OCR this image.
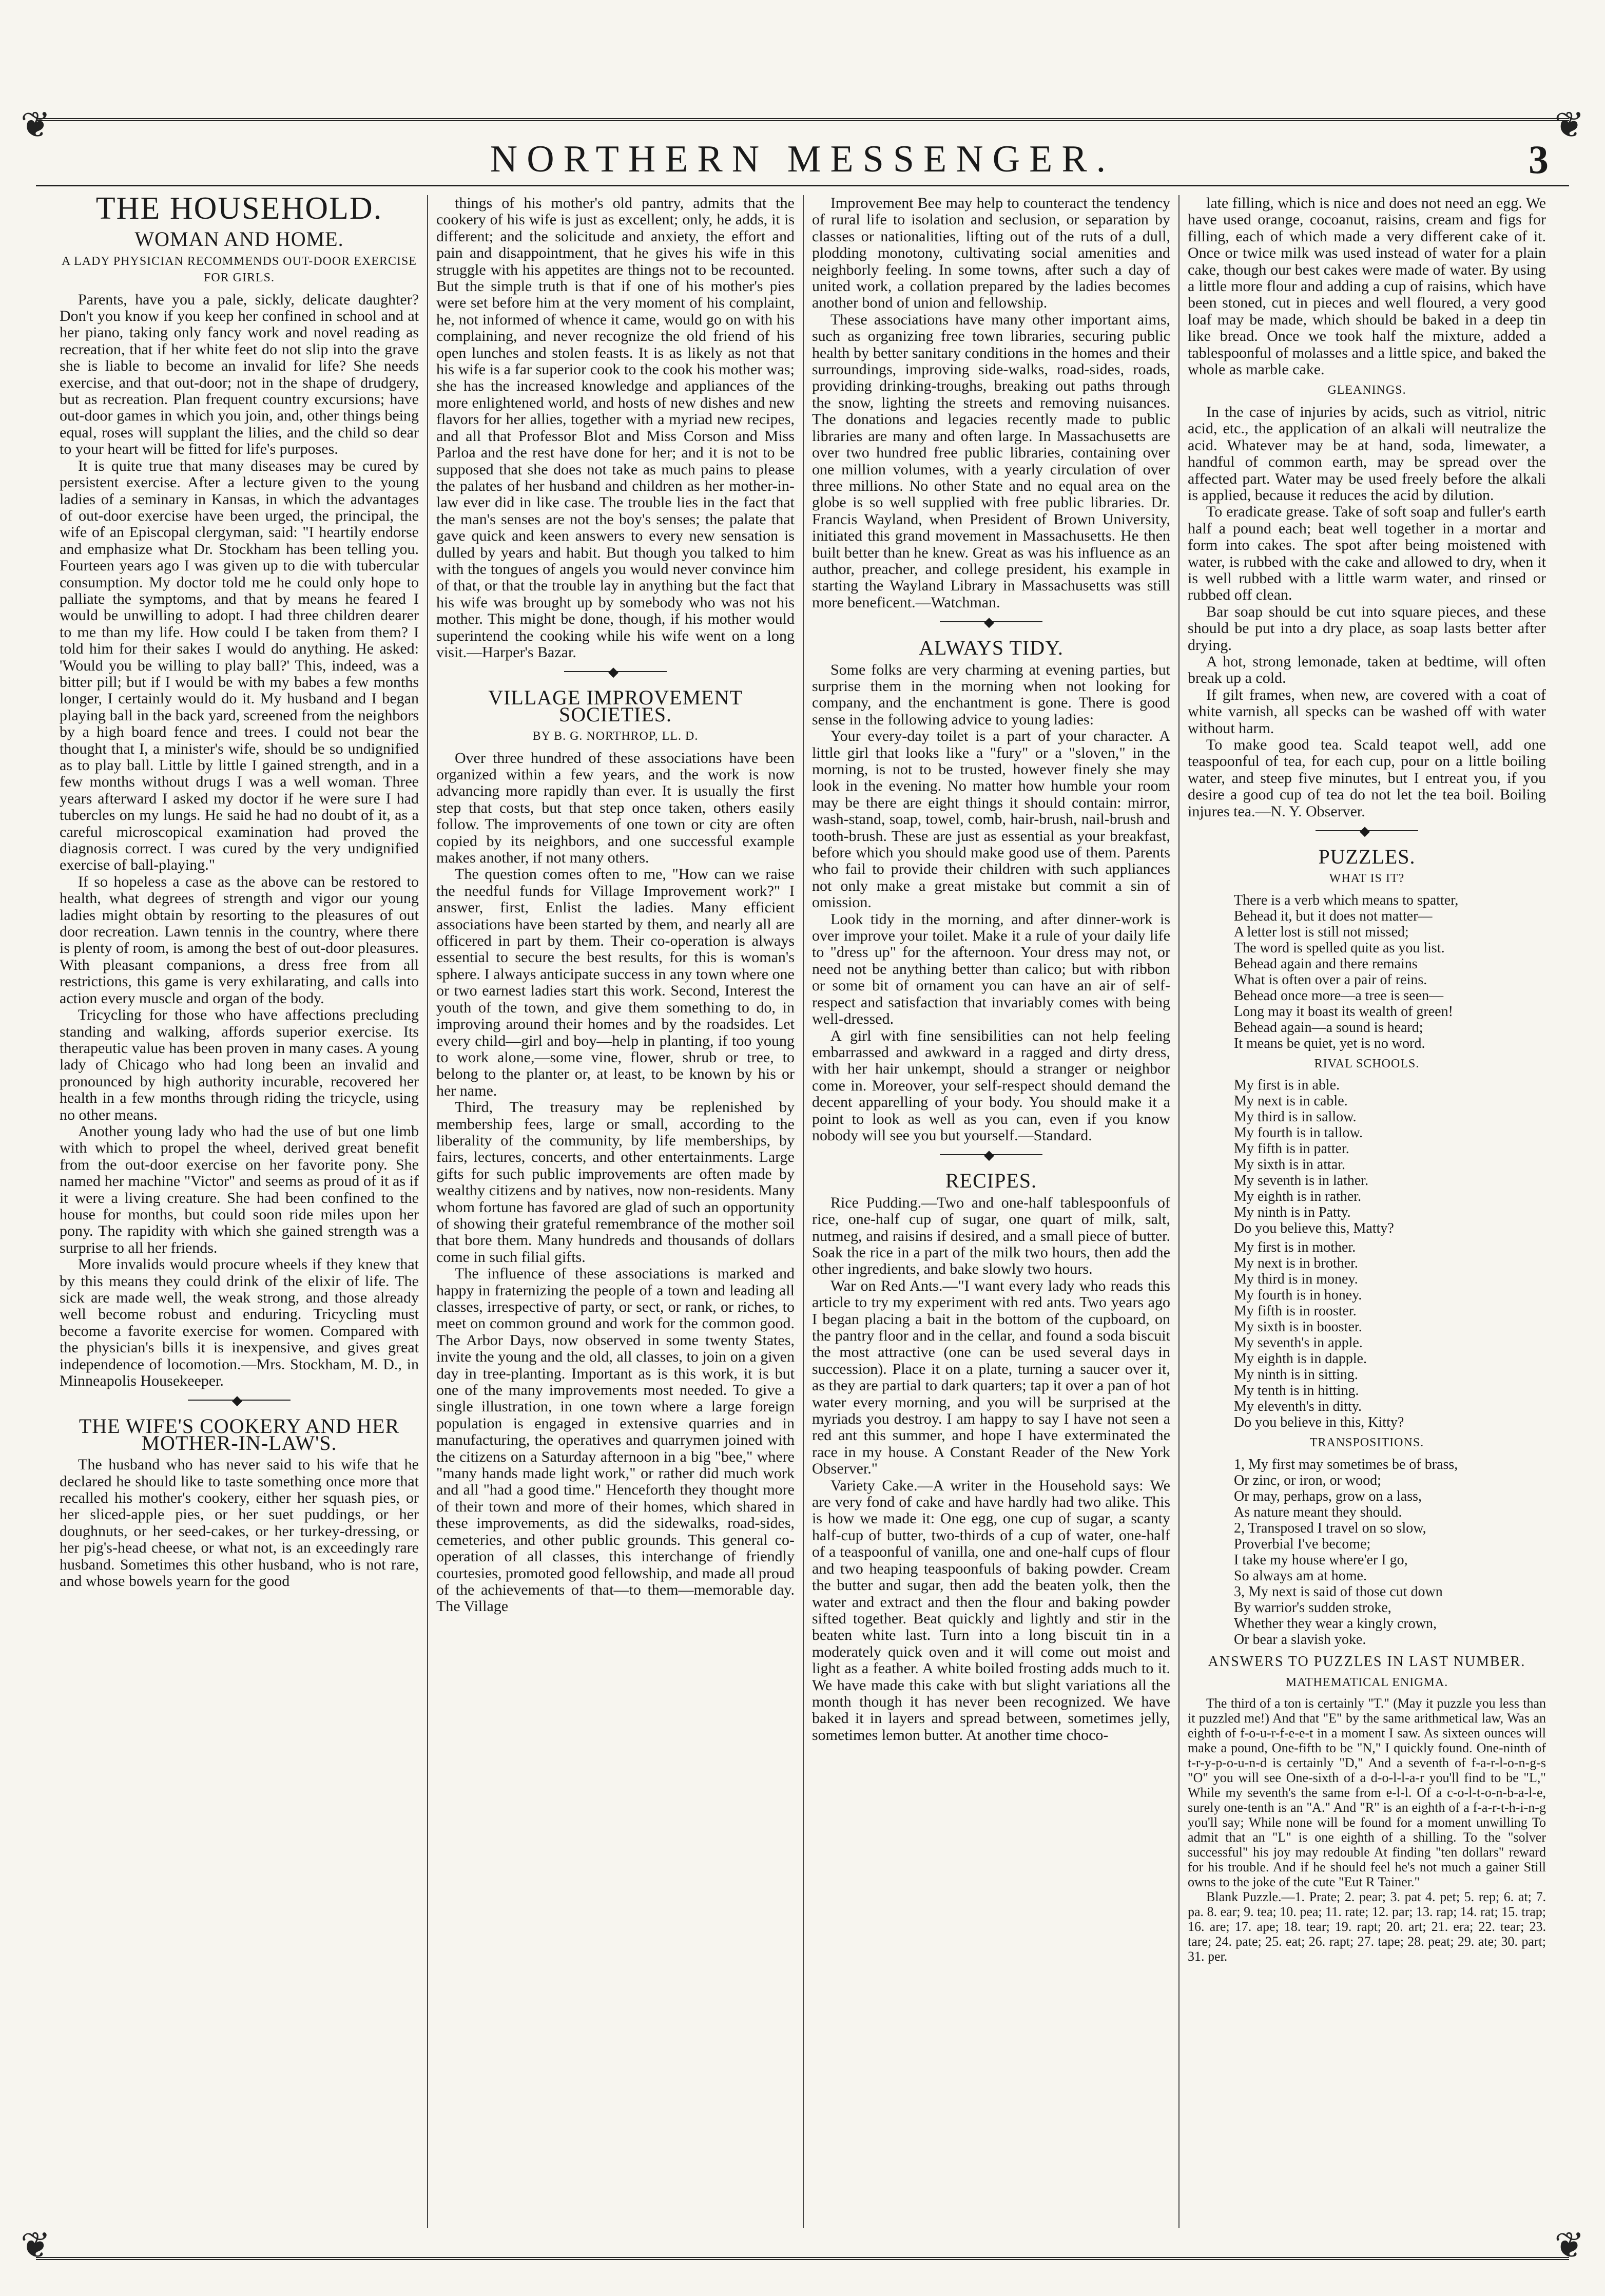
❦	❦
❦	❦
NORTHERN MESSENGER.	3
THE HOUSEHOLD.
WOMAN AND HOME.
A LADY PHYSICIAN RECOMMENDS OUT-DOOR EXERCISE FOR GIRLS.

Parents, have you a pale, sickly, delicate daughter? Don't you know if you keep her confined in school and at her piano, taking only fancy work and novel reading as recreation, that if her white feet do not slip into the grave she is liable to become an invalid for life? She needs exercise, and that out-door; not in the shape of drudgery, but as recreation. Plan frequent country excursions; have out-door games in which you join, and, other things being equal, roses will supplant the lilies, and the child so dear to your heart will be fitted for life's purposes.

It is quite true that many diseases may be cured by persistent exercise. After a lecture given to the young ladies of a seminary in Kansas, in which the advantages of out-door exercise have been urged, the principal, the wife of an Episcopal clergyman, said: "I heartily endorse and emphasize what Dr. Stockham has been telling you. Fourteen years ago I was given up to die with tubercular consumption. My doctor told me he could only hope to palliate the symptoms, and that by means he feared I would be unwilling to adopt. I had three children dearer to me than my life. How could I be taken from them? I told him for their sakes I would do anything. He asked: 'Would you be willing to play ball?' This, indeed, was a bitter pill; but if I would be with my babes a few months longer, I certainly would do it. My husband and I began playing ball in the back yard, screened from the neighbors by a high board fence and trees. I could not bear the thought that I, a minister's wife, should be so undignified as to play ball. Little by little I gained strength, and in a few months without drugs I was a well woman. Three years afterward I asked my doctor if he were sure I had tubercles on my lungs. He said he had no doubt of it, as a careful microscopical examination had proved the diagnosis correct. I was cured by the very undignified exercise of ball-playing."

If so hopeless a case as the above can be restored to health, what degrees of strength and vigor our young ladies might obtain by resorting to the pleasures of out door recreation. Lawn tennis in the country, where there is plenty of room, is among the best of out-door pleasures. With pleasant companions, a dress free from all restrictions, this game is very exhilarating, and calls into action every muscle and organ of the body.

Tricycling for those who have affections precluding standing and walking, affords superior exercise. Its therapeutic value has been proven in many cases. A young lady of Chicago who had long been an invalid and pronounced by high authority incurable, recovered her health in a few months through riding the tricycle, using no other means.

Another young lady who had the use of but one limb with which to propel the wheel, derived great benefit from the out-door exercise on her favorite pony. She named her machine "Victor" and seems as proud of it as if it were a living creature. She had been confined to the house for months, but could soon ride miles upon her pony. The rapidity with which she gained strength was a surprise to all her friends.

More invalids would procure wheels if they knew that by this means they could drink of the elixir of life. The sick are made well, the weak strong, and those already well become robust and enduring. Tricycling must become a favorite exercise for women. Compared with the physician's bills it is inexpensive, and gives great independence of locomotion.—Mrs. Stockham, M. D., in Minneapolis Housekeeper.

◆
THE WIFE'S COOKERY AND HER MOTHER-IN-LAW'S.

The husband who has never said to his wife that he declared he should like to taste something once more that recalled his mother's cookery, either her squash pies, or her sliced-apple pies, or her suet puddings, or her doughnuts, or her seed-cakes, or her turkey-dressing, or her pig's-head cheese, or what not, is an exceedingly rare husband. Sometimes this other husband, who is not rare, and whose bowels yearn for the good

things of his mother's old pantry, admits that the cookery of his wife is just as excellent; only, he adds, it is different; and the solicitude and anxiety, the effort and pain and disappointment, that he gives his wife in this struggle with his appetites are things not to be recounted. But the simple truth is that if one of his mother's pies were set before him at the very moment of his complaint, he, not informed of whence it came, would go on with his complaining, and never recognize the old friend of his open lunches and stolen feasts. It is as likely as not that his wife is a far superior cook to the cook his mother was; she has the increased knowledge and appliances of the more enlightened world, and hosts of new dishes and new flavors for her allies, together with a myriad new recipes, and all that Professor Blot and Miss Corson and Miss Parloa and the rest have done for her; and it is not to be supposed that she does not take as much pains to please the palates of her husband and children as her mother-in-law ever did in like case. The trouble lies in the fact that the man's senses are not the boy's senses; the palate that gave quick and keen answers to every new sensation is dulled by years and habit. But though you talked to him with the tongues of angels you would never convince him of that, or that the trouble lay in anything but the fact that his wife was brought up by somebody who was not his mother. This might be done, though, if his mother would superintend the cooking while his wife went on a long visit.—Harper's Bazar.

◆
VILLAGE IMPROVEMENT SOCIETIES.
BY B. G. NORTHROP, LL. D.

Over three hundred of these associations have been organized within a few years, and the work is now advancing more rapidly than ever. It is usually the first step that costs, but that step once taken, others easily follow. The improvements of one town or city are often copied by its neighbors, and one successful example makes another, if not many others.

The question comes often to me, "How can we raise the needful funds for Village Improvement work?" I answer, first, Enlist the ladies. Many efficient associations have been started by them, and nearly all are officered in part by them. Their co-operation is always essential to secure the best results, for this is woman's sphere. I always anticipate success in any town where one or two earnest ladies start this work. Second, Interest the youth of the town, and give them something to do, in improving around their homes and by the roadsides. Let every child—girl and boy—help in planting, if too young to work alone,—some vine, flower, shrub or tree, to belong to the planter or, at least, to be known by his or her name.

Third, The treasury may be replenished by membership fees, large or small, according to the liberality of the community, by life memberships, by fairs, lectures, concerts, and other entertainments. Large gifts for such public improvements are often made by wealthy citizens and by natives, now non-residents. Many whom fortune has favored are glad of such an opportunity of showing their grateful remembrance of the mother soil that bore them. Many hundreds and thousands of dollars come in such filial gifts.

The influence of these associations is marked and happy in fraternizing the people of a town and leading all classes, irrespective of party, or sect, or rank, or riches, to meet on common ground and work for the common good. The Arbor Days, now observed in some twenty States, invite the young and the old, all classes, to join on a given day in tree-planting. Important as is this work, it is but one of the many improvements most needed. To give a single illustration, in one town where a large foreign population is engaged in extensive quarries and in manufacturing, the operatives and quarrymen joined with the citizens on a Saturday afternoon in a big "bee," where "many hands made light work," or rather did much work and all "had a good time." Henceforth they thought more of their town and more of their homes, which shared in these improvements, as did the sidewalks, road-sides, cemeteries, and other public grounds. This general co-operation of all classes, this interchange of friendly courtesies, promoted good fellowship, and made all proud of the achievements of that—to them—memorable day. The Village

Improvement Bee may help to counteract the tendency of rural life to isolation and seclusion, or separation by classes or nationalities, lifting out of the ruts of a dull, plodding monotony, cultivating social amenities and neighborly feeling. In some towns, after such a day of united work, a collation prepared by the ladies becomes another bond of union and fellowship.

These associations have many other important aims, such as organizing free town libraries, securing public health by better sanitary conditions in the homes and their surroundings, improving side-walks, road-sides, roads, providing drinking-troughs, breaking out paths through the snow, lighting the streets and removing nuisances. The donations and legacies recently made to public libraries are many and often large. In Massachusetts are over two hundred free public libraries, containing over one million volumes, with a yearly circulation of over three millions. No other State and no equal area on the globe is so well supplied with free public libraries. Dr. Francis Wayland, when President of Brown University, initiated this grand movement in Massachusetts. He then built better than he knew. Great as was his influence as an author, preacher, and college president, his example in starting the Wayland Library in Massachusetts was still more beneficent.—Watchman.

◆
ALWAYS TIDY.

Some folks are very charming at evening parties, but surprise them in the morning when not looking for company, and the enchantment is gone. There is good sense in the following advice to young ladies:

Your every-day toilet is a part of your character. A little girl that looks like a "fury" or a "sloven," in the morning, is not to be trusted, however finely she may look in the evening. No matter how humble your room may be there are eight things it should contain: mirror, wash-stand, soap, towel, comb, hair-brush, nail-brush and tooth-brush. These are just as essential as your breakfast, before which you should make good use of them. Parents who fail to provide their children with such appliances not only make a great mistake but commit a sin of omission.

Look tidy in the morning, and after dinner-work is over improve your toilet. Make it a rule of your daily life to "dress up" for the afternoon. Your dress may not, or need not be anything better than calico; but with ribbon or some bit of ornament you can have an air of self-respect and satisfaction that invariably comes with being well-dressed.

A girl with fine sensibilities can not help feeling embarrassed and awkward in a ragged and dirty dress, with her hair unkempt, should a stranger or neighbor come in. Moreover, your self-respect should demand the decent apparelling of your body. You should make it a point to look as well as you can, even if you know nobody will see you but yourself.—Standard.

◆
RECIPES.

Rice Pudding.—Two and one-half tablespoonfuls of rice, one-half cup of sugar, one quart of milk, salt, nutmeg, and raisins if desired, and a small piece of butter. Soak the rice in a part of the milk two hours, then add the other ingredients, and bake slowly two hours.

War on Red Ants.—"I want every lady who reads this article to try my experiment with red ants. Two years ago I began placing a bait in the bottom of the cupboard, on the pantry floor and in the cellar, and found a soda biscuit the most attractive (one can be used several days in succession). Place it on a plate, turning a saucer over it, as they are partial to dark quarters; tap it over a pan of hot water every morning, and you will be surprised at the myriads you destroy. I am happy to say I have not seen a red ant this summer, and hope I have exterminated the race in my house. A Constant Reader of the New York Observer."

Variety Cake.—A writer in the Household says: We are very fond of cake and have hardly had two alike. This is how we made it: One egg, one cup of sugar, a scanty half-cup of butter, two-thirds of a cup of water, one-half of a teaspoonful of vanilla, one and one-half cups of flour and two heaping teaspoonfuls of baking powder. Cream the butter and sugar, then add the beaten yolk, then the water and extract and then the flour and baking powder sifted together. Beat quickly and lightly and stir in the beaten white last. Turn into a long biscuit tin in a moderately quick oven and it will come out moist and light as a feather. A white boiled frosting adds much to it. We have made this cake with but slight variations all the month though it has never been recognized. We have baked it in layers and spread between, sometimes jelly, sometimes lemon butter. At another time choco-

late filling, which is nice and does not need an egg. We have used orange, cocoanut, raisins, cream and figs for filling, each of which made a very different cake of it. Once or twice milk was used instead of water for a plain cake, though our best cakes were made of water. By using a little more flour and adding a cup of raisins, which have been stoned, cut in pieces and well floured, a very good loaf may be made, which should be baked in a deep tin like bread. Once we took half the mixture, added a tablespoonful of molasses and a little spice, and baked the whole as marble cake.

GLEANINGS.

In the case of injuries by acids, such as vitriol, nitric acid, etc., the application of an alkali will neutralize the acid. Whatever may be at hand, soda, limewater, a handful of common earth, may be spread over the affected part. Water may be used freely before the alkali is applied, because it reduces the acid by dilution.

To eradicate grease. Take of soft soap and fuller's earth half a pound each; beat well together in a mortar and form into cakes. The spot after being moistened with water, is rubbed with the cake and allowed to dry, when it is well rubbed with a little warm water, and rinsed or rubbed off clean.

Bar soap should be cut into square pieces, and these should be put into a dry place, as soap lasts better after drying.

A hot, strong lemonade, taken at bedtime, will often break up a cold.

If gilt frames, when new, are covered with a coat of white varnish, all specks can be washed off with water without harm.

To make good tea. Scald teapot well, add one teaspoonful of tea, for each cup, pour on a little boiling water, and steep five minutes, but I entreat you, if you desire a good cup of tea do not let the tea boil. Boiling injures tea.—N. Y. Observer.

◆
PUZZLES.
WHAT IS IT?
There is a verb which means to spatter,
Behead it, but it does not matter—
A letter lost is still not missed;
The word is spelled quite as you list.
Behead again and there remains
What is often over a pair of reins.
Behead once more—a tree is seen—
Long may it boast its wealth of green!
Behead again—a sound is heard;
It means be quiet, yet is no word.
RIVAL SCHOOLS.
My first is in able.
My next is in cable.
My third is in sallow.
My fourth is in tallow.
My fifth is in patter.
My sixth is in attar.
My seventh is in lather.
My eighth is in rather.
My ninth is in Patty.
Do you believe this, Matty?
My first is in mother.
My next is in brother.
My third is in money.
My fourth is in honey.
My fifth is in rooster.
My sixth is in booster.
My seventh's in apple.
My eighth is in dapple.
My ninth is in sitting.
My tenth is in hitting.
My eleventh's in ditty.
Do you believe in this, Kitty?
TRANSPOSITIONS.
1, My first may sometimes be of brass,
Or zinc, or iron, or wood;
Or may, perhaps, grow on a lass,
As nature meant they should.
2, Transposed I travel on so slow,
Proverbial I've become;
I take my house where'er I go,
So always am at home.
3, My next is said of those cut down
By warrior's sudden stroke,
Whether they wear a kingly crown,
Or bear a slavish yoke.
ANSWERS TO PUZZLES IN LAST NUMBER.
MATHEMATICAL ENIGMA.

The third of a ton is certainly "T." (May it puzzle you less than it puzzled me!) And that "E" by the same arithmetical law, Was an eighth of f-o-u-r-f-e-e-t in a moment I saw. As sixteen ounces will make a pound, One-fifth to be "N," I quickly found. One-ninth of t-r-y-p-o-u-n-d is certainly "D," And a seventh of f-a-r-l-o-n-g-s "O" you will see One-sixth of a d-o-l-l-a-r you'll find to be "L," While my seventh's the same from e-l-l. Of a c-o-l-t-o-n-b-a-l-e, surely one-tenth is an "A." And "R" is an eighth of a f-a-r-t-h-i-n-g you'll say; While none will be found for a moment unwilling To admit that an "L" is one eighth of a shilling. To the "solver successful" his joy may redouble At finding "ten dollars" reward for his trouble. And if he should feel he's not much a gainer Still owns to the joke of the cute "Eut R Tainer."

Blank Puzzle.—1. Prate; 2. pear; 3. pat 4. pet; 5. rep; 6. at; 7. pa. 8. ear; 9. tea; 10. pea; 11. rate; 12. par; 13. rap; 14. rat; 15. trap; 16. are; 17. ape; 18. tear; 19. rapt; 20. art; 21. era; 22. tear; 23. tare; 24. pate; 25. eat; 26. rapt; 27. tape; 28. peat; 29. ate; 30. part; 31. per.
